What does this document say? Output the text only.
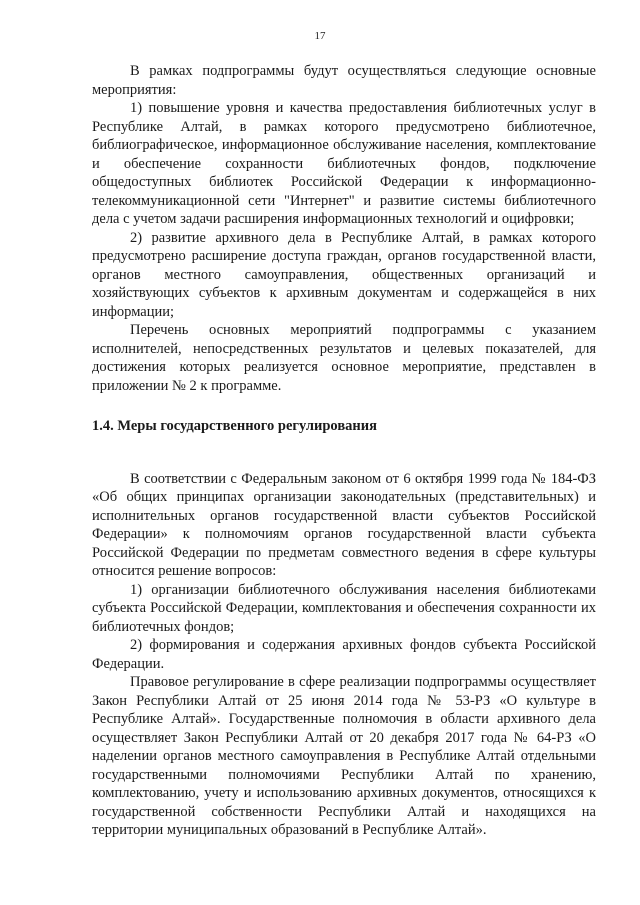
17

В рамках подпрограммы будут осуществляться следующие основные мероприятия:

1) повышение уровня и качества предоставления библиотечных услуг в Республике Алтай, в рамках которого предусмотрено библиотечное, библиографическое, информационное обслуживание населения, комплектование и обеспечение сохранности библиотечных фондов, подключение общедоступных библиотек Российской Федерации к информационно-телекоммуникационной сети "Интернет" и развитие системы библиотечного дела с учетом задачи расширения информационных технологий и оцифровки;

2) развитие архивного дела в Республике Алтай, в рамках которого предусмотрено расширение доступа граждан, органов государственной власти, органов местного самоуправления, общественных организаций и хозяйствующих субъектов к архивным документам и содержащейся в них информации;

Перечень основных мероприятий подпрограммы с указанием исполнителей, непосредственных результатов и целевых показателей, для достижения которых реализуется основное мероприятие, представлен в приложении № 2 к программе.

1.4. Меры государственного регулирования

В соответствии с Федеральным законом от 6 октября 1999 года № 184-ФЗ «Об общих принципах организации законодательных (представительных) и исполнительных органов государственной власти субъектов Российской Федерации» к полномочиям органов государственной власти субъекта Российской Федерации по предметам совместного ведения в сфере культуры относится решение вопросов:

1) организации библиотечного обслуживания населения библиотеками субъекта Российской Федерации, комплектования и обеспечения сохранности их библиотечных фондов;

2) формирования и содержания архивных фондов субъекта Российской Федерации.

Правовое регулирование в сфере реализации подпрограммы осуществляет Закон Республики Алтай от 25 июня 2014 года № 53-РЗ «О культуре в Республике Алтай». Государственные полномочия в области архивного дела осуществляет Закон Республики Алтай от 20 декабря 2017 года № 64-РЗ «О наделении органов местного самоуправления в Республике Алтай отдельными государственными полномочиями Республики Алтай по хранению, комплектованию, учету и использованию архивных документов, относящихся к государственной собственности Республики Алтай и находящихся на территории муниципальных образований в Республике Алтай».
